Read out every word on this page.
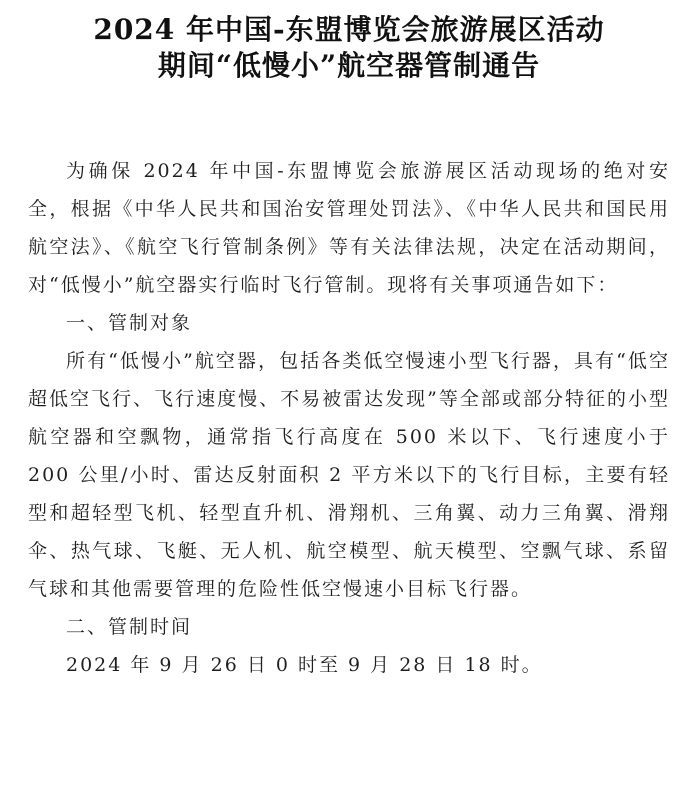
2024 年中国-东盟博览会旅游展区活动
期间“低慢小”航空器管制通告

为确保 2024 年中国-东盟博览会旅游展区活动现场的绝对安全，根据《中华人民共和国治安管理处罚法》、《中华人民共和国民用航空法》、《航空飞行管制条例》等有关法律法规，决定在活动期间，对“低慢小”航空器实行临时飞行管制。现将有关事项通告如下：

一、管制对象

所有“低慢小”航空器，包括各类低空慢速小型飞行器，具有“低空超低空飞行、飞行速度慢、不易被雷达发现”等全部或部分特征的小型航空器和空飘物，通常指飞行高度在 500 米以下、飞行速度小于 200 公里/小时、雷达反射面积 2 平方米以下的飞行目标，主要有轻型和超轻型飞机、轻型直升机、滑翔机、三角翼、动力三角翼、滑翔伞、热气球、飞艇、无人机、航空模型、航天模型、空飘气球、系留气球和其他需要管理的危险性低空慢速小目标飞行器。

二、管制时间

2024 年 9 月 26 日 0 时至 9 月 28 日 18 时。
